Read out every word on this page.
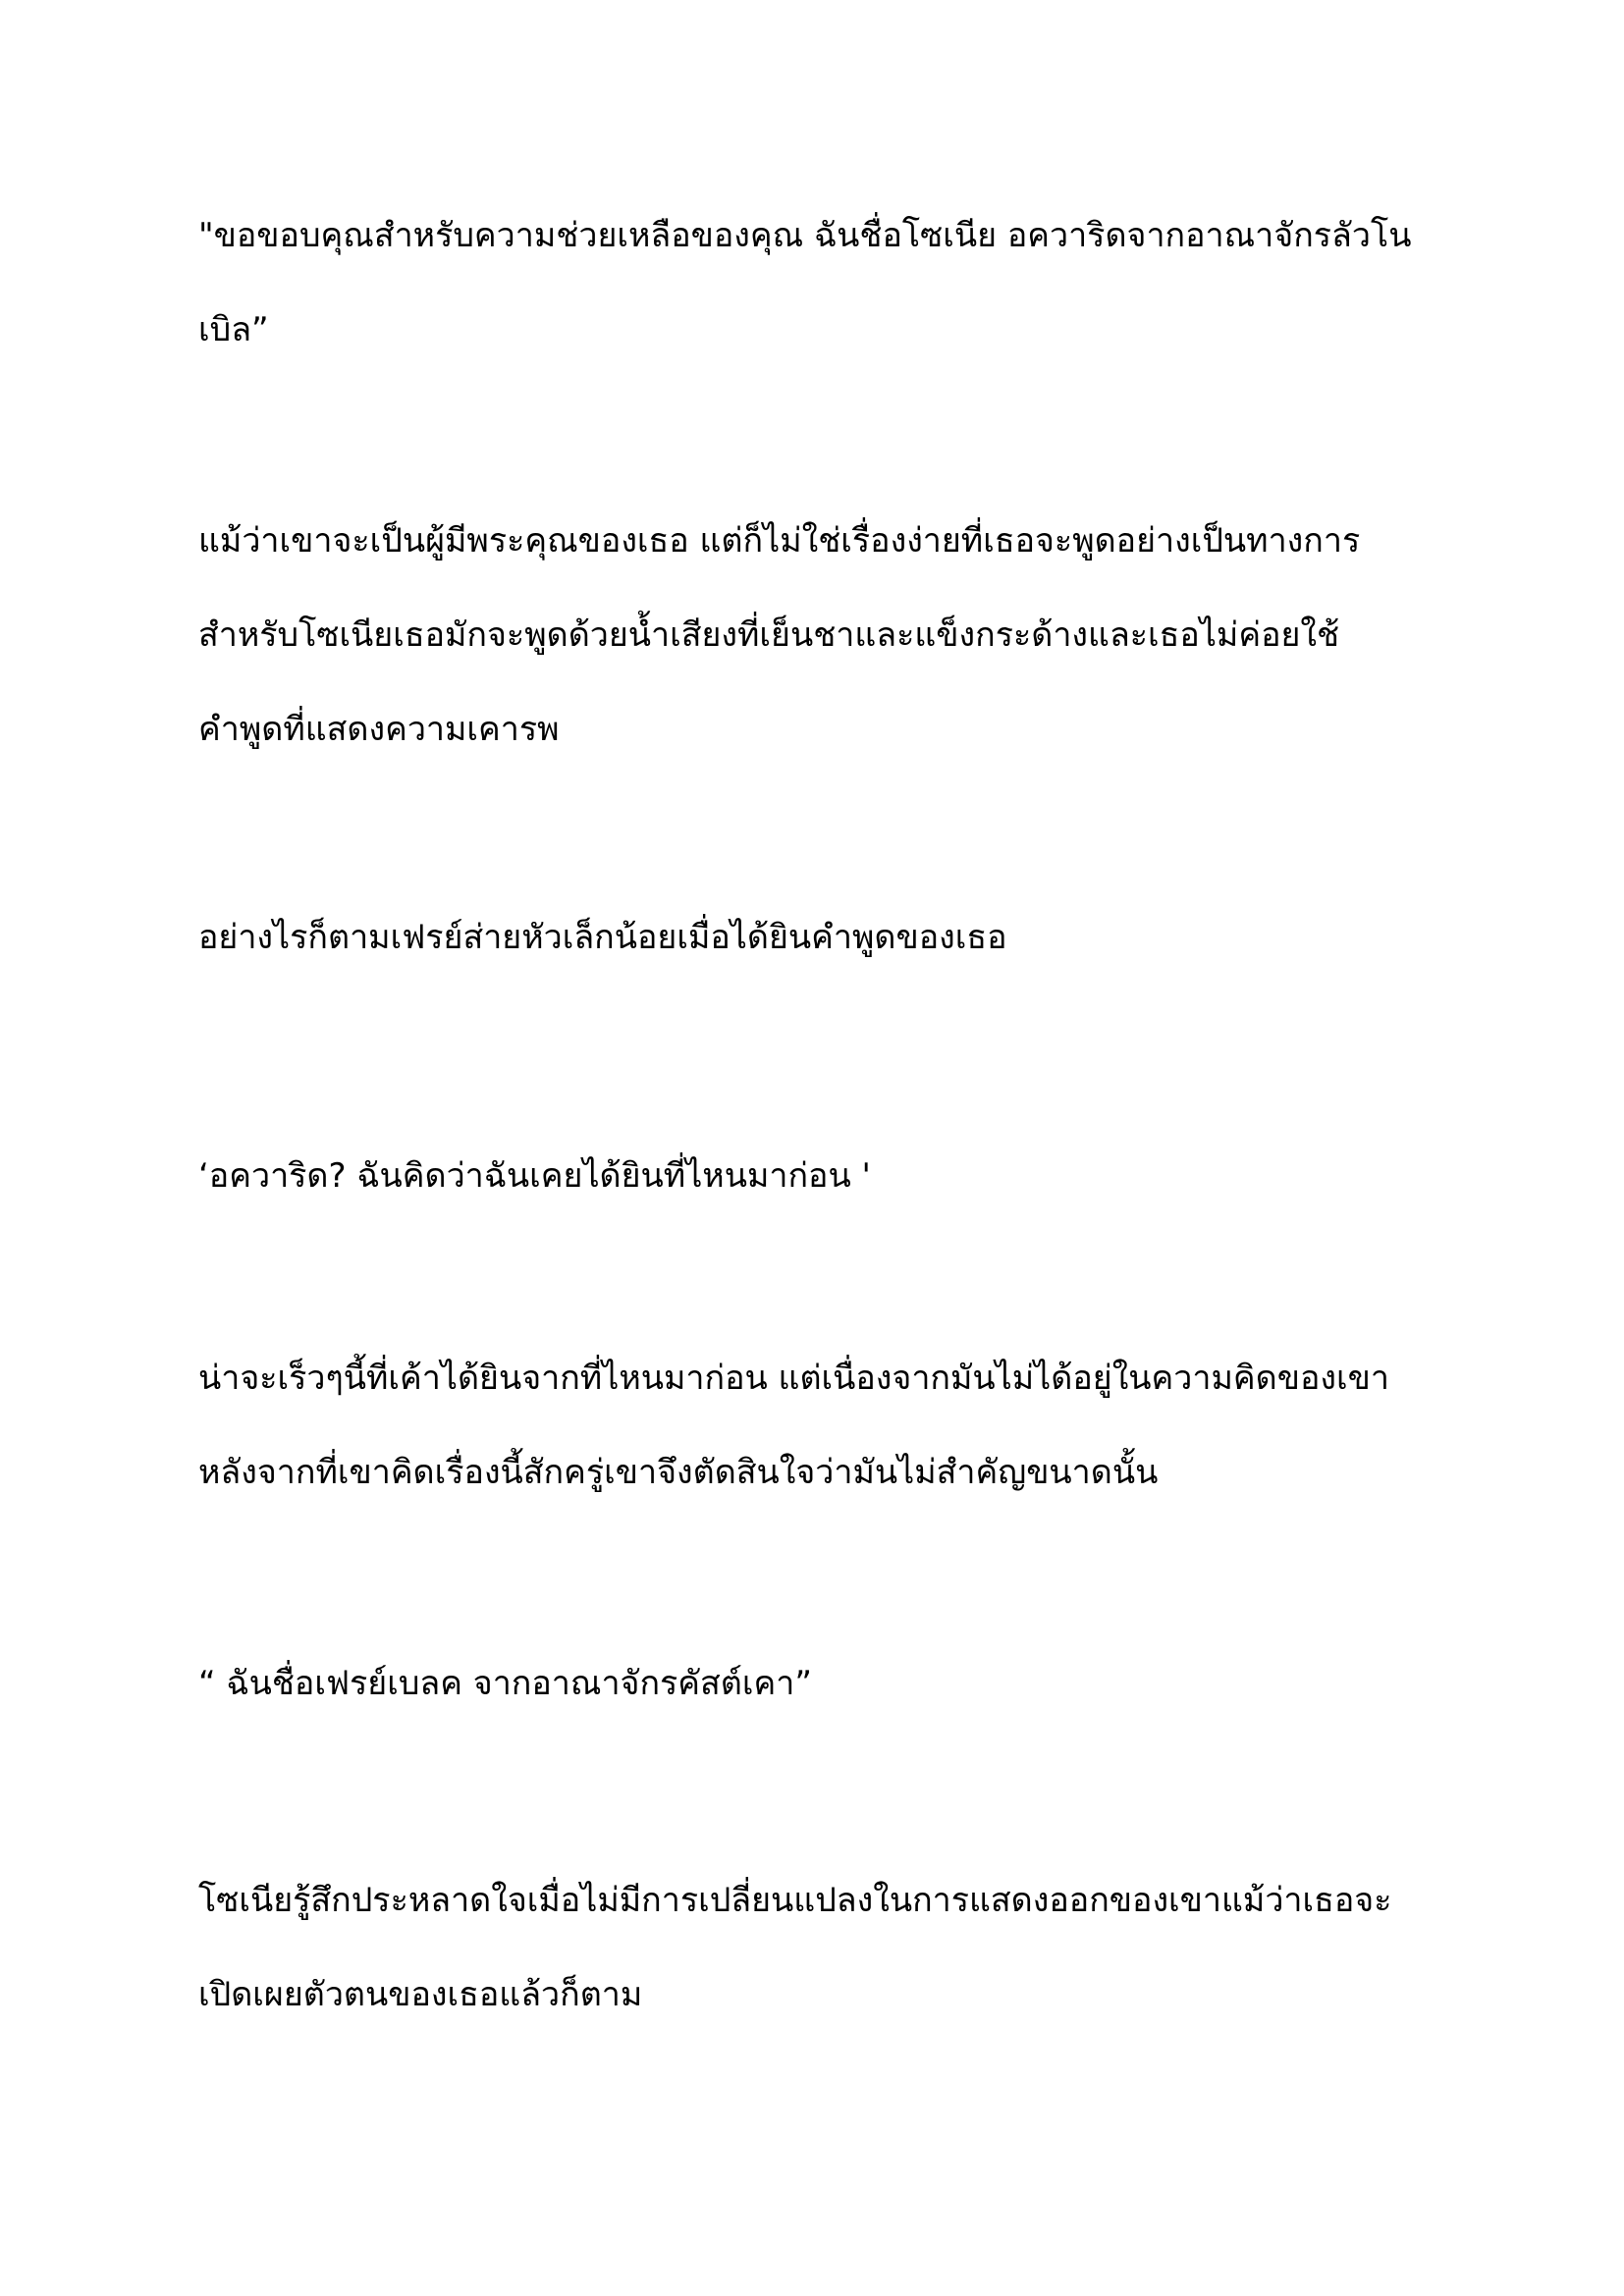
"ขอขอบคุณสำหรับความช่วยเหลือของคุณ ฉันชื่อโซเนีย อควาริดจากอาณาจักรลัวโน
เบิล”

แม้ว่าเขาจะเป็นผู้มีพระคุณของเธอ แต่ก็ไม่ใช่เรื่องง่ายที่เธอจะพูดอย่างเป็นทางการ
สำหรับโซเนียเธอมักจะพูดด้วยน้ำเสียงที่เย็นชาและแข็งกระด้างและเธอไม่ค่อยใช้
คำพูดที่แสดงความเคารพ

อย่างไรก็ตามเฟรย์ส่ายหัวเล็กน้อยเมื่อได้ยินคำพูดของเธอ

‘อควาริด? ฉันคิดว่าฉันเคยได้ยินที่ไหนมาก่อน '

น่าจะเร็วๆนี้ที่เค้าได้ยินจากที่ไหนมาก่อน แต่เนื่องจากมันไม่ได้อยู่ในความคิดของเขา
หลังจากที่เขาคิดเรื่องนี้สักครู่เขาจึงตัดสินใจว่ามันไม่สำคัญขนาดนั้น

“ ฉันชื่อเฟรย์เบลค จากอาณาจักรคัสต์เคา”

โซเนียรู้สึกประหลาดใจเมื่อไม่มีการเปลี่ยนแปลงในการแสดงออกของเขาแม้ว่าเธอจะ
เปิดเผยตัวตนของเธอแล้วก็ตาม
